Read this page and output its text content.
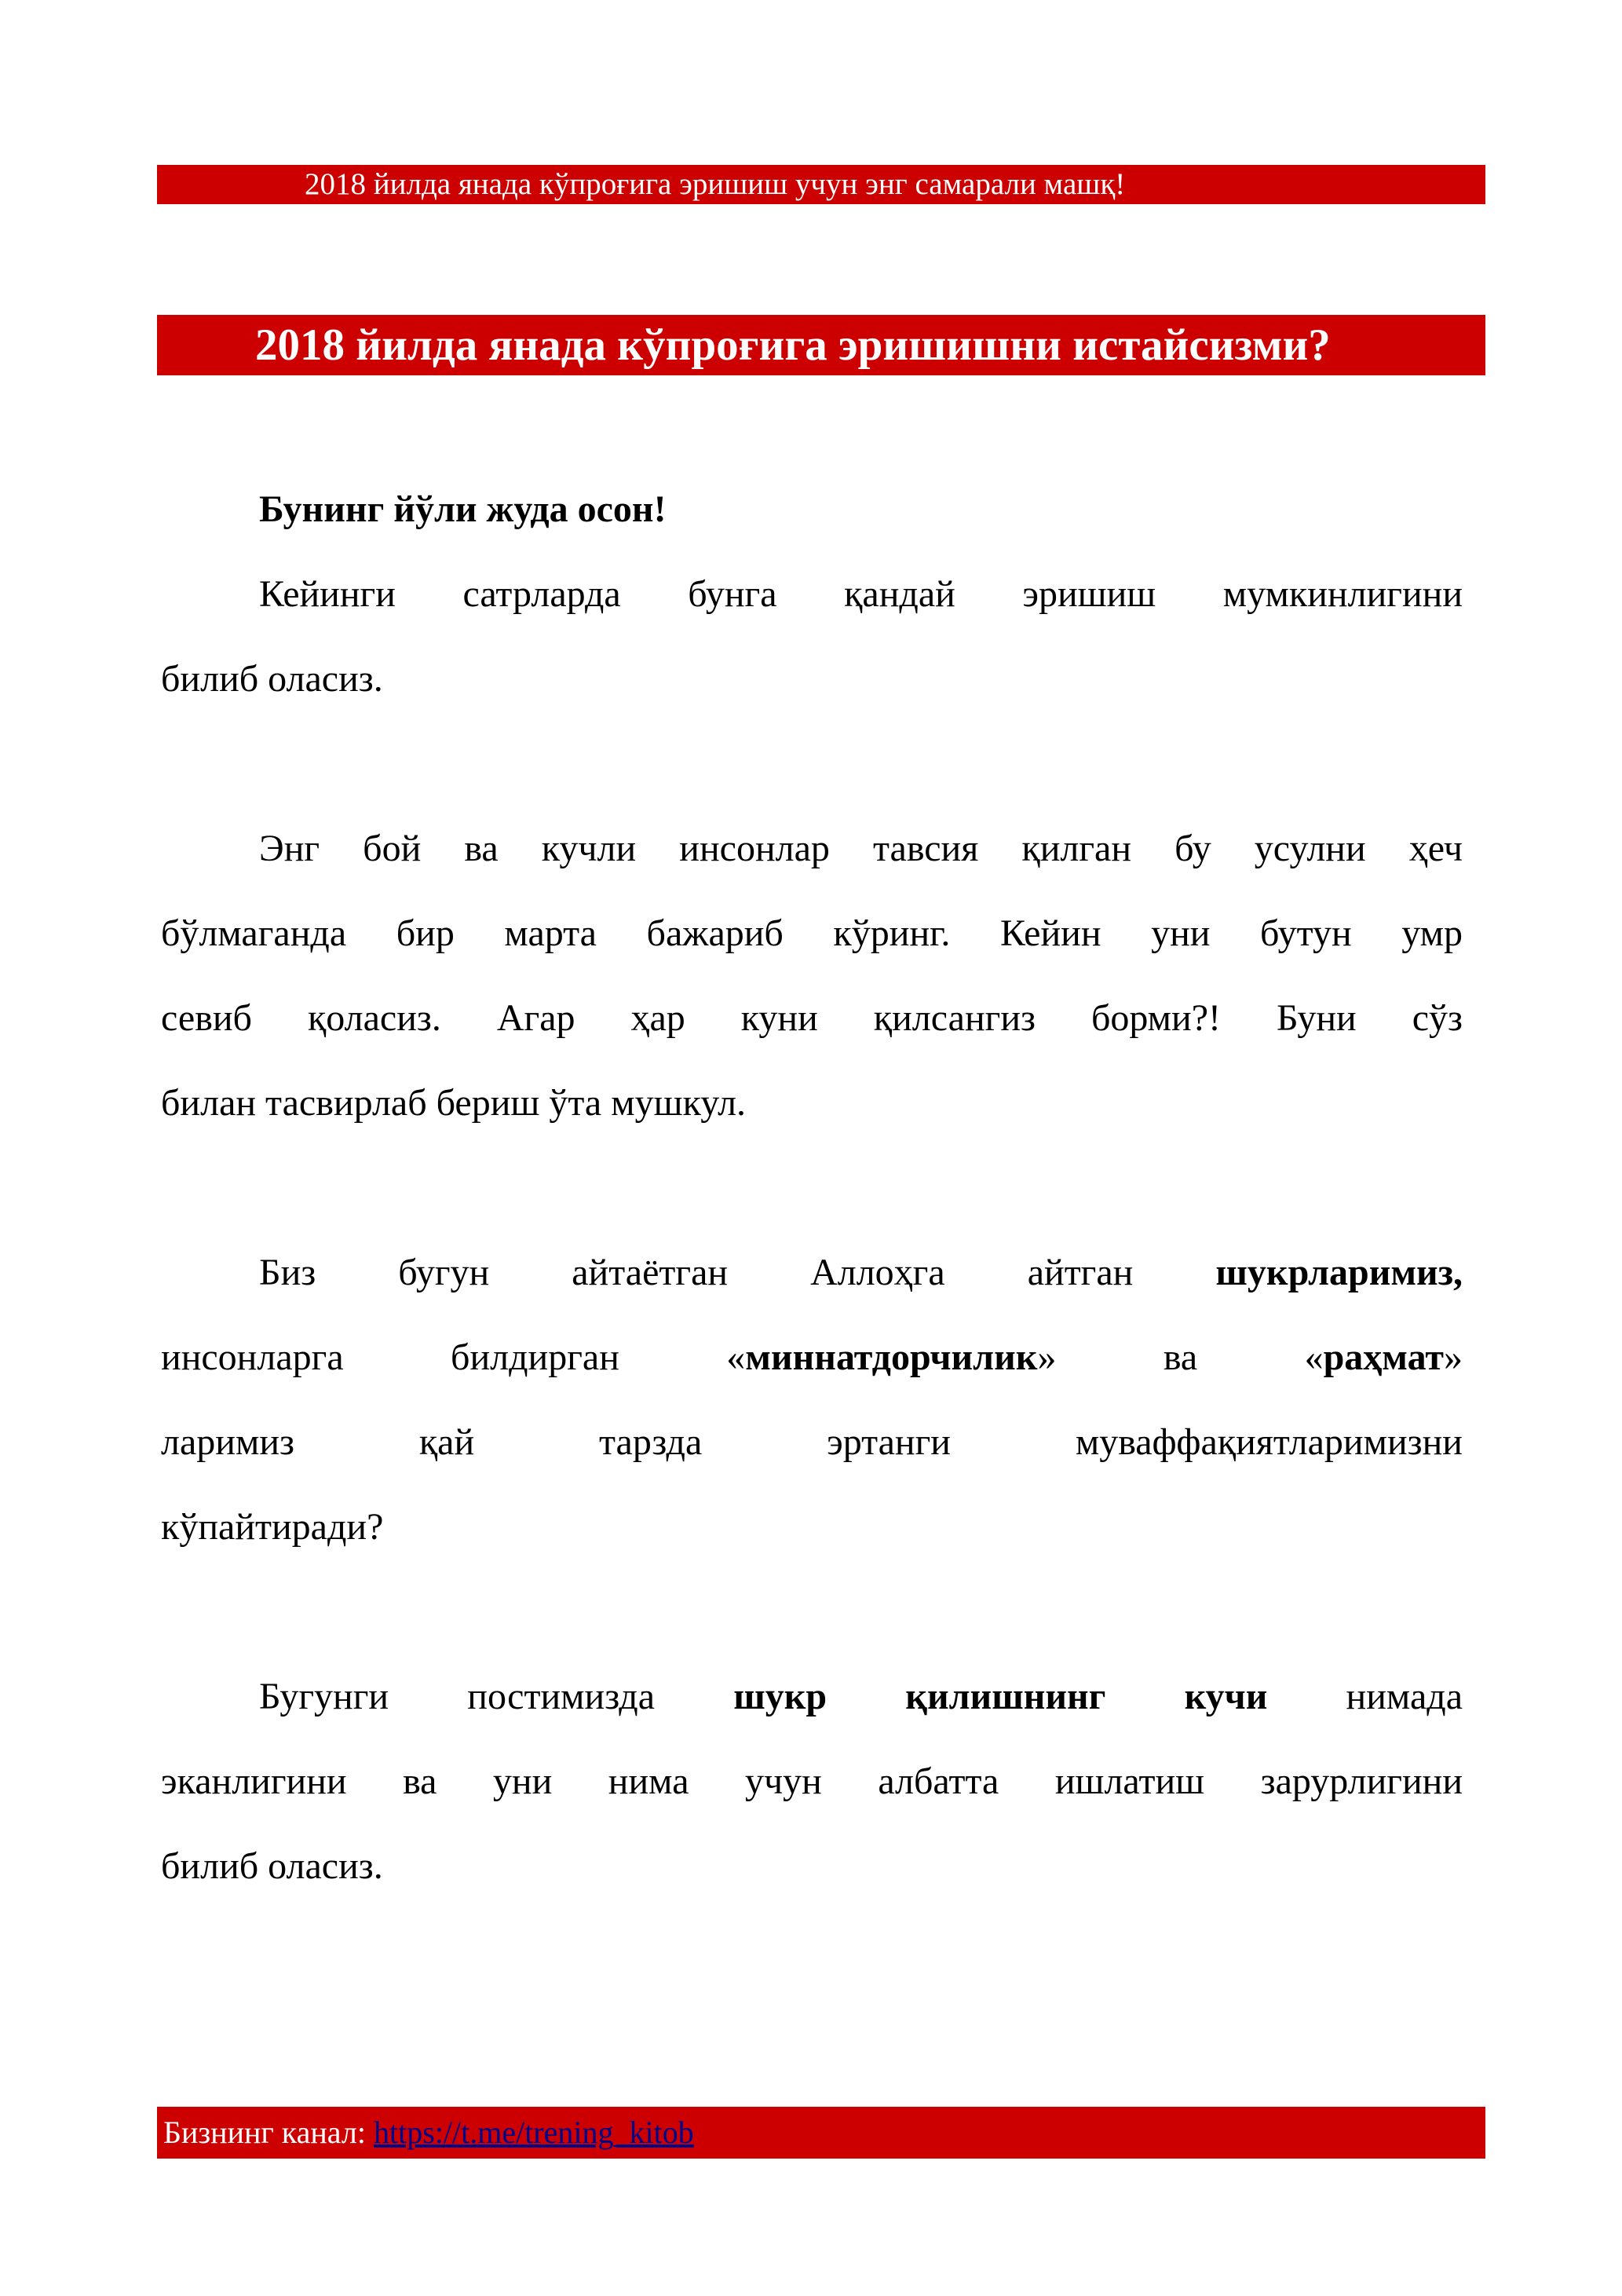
2018 йилда янада кўпроғига эришиш учун энг самарали машқ!
2018 йилда янада кўпроғига эришишни истайсизми?
Бунинг йўли жуда осон!
Кейинги сатрларда бунга қандай эришиш мумкинлигини
билиб оласиз.
Энг бой ва кучли инсонлар тавсия қилган бу усулни ҳеч
бўлмаганда бир марта бажариб кўринг. Кейин уни бутун умр
севиб қоласиз. Агар ҳар куни қилсангиз борми?! Буни сўз
билан тасвирлаб бериш ўта мушкул.
Биз бугун айтаётган Аллоҳга айтган шукрларимиз,
инсонларга билдирган «миннатдорчилик» ва «раҳмат»
ларимиз қай тарзда эртанги муваффақиятларимизни
кўпайтиради?
Бугунги постимизда шукр қилишнинг кучи нимада
эканлигини ва уни нима учун албатта ишлатиш зарурлигини
билиб оласиз.
Бизнинг канал: https://t.me/trening_kitob
